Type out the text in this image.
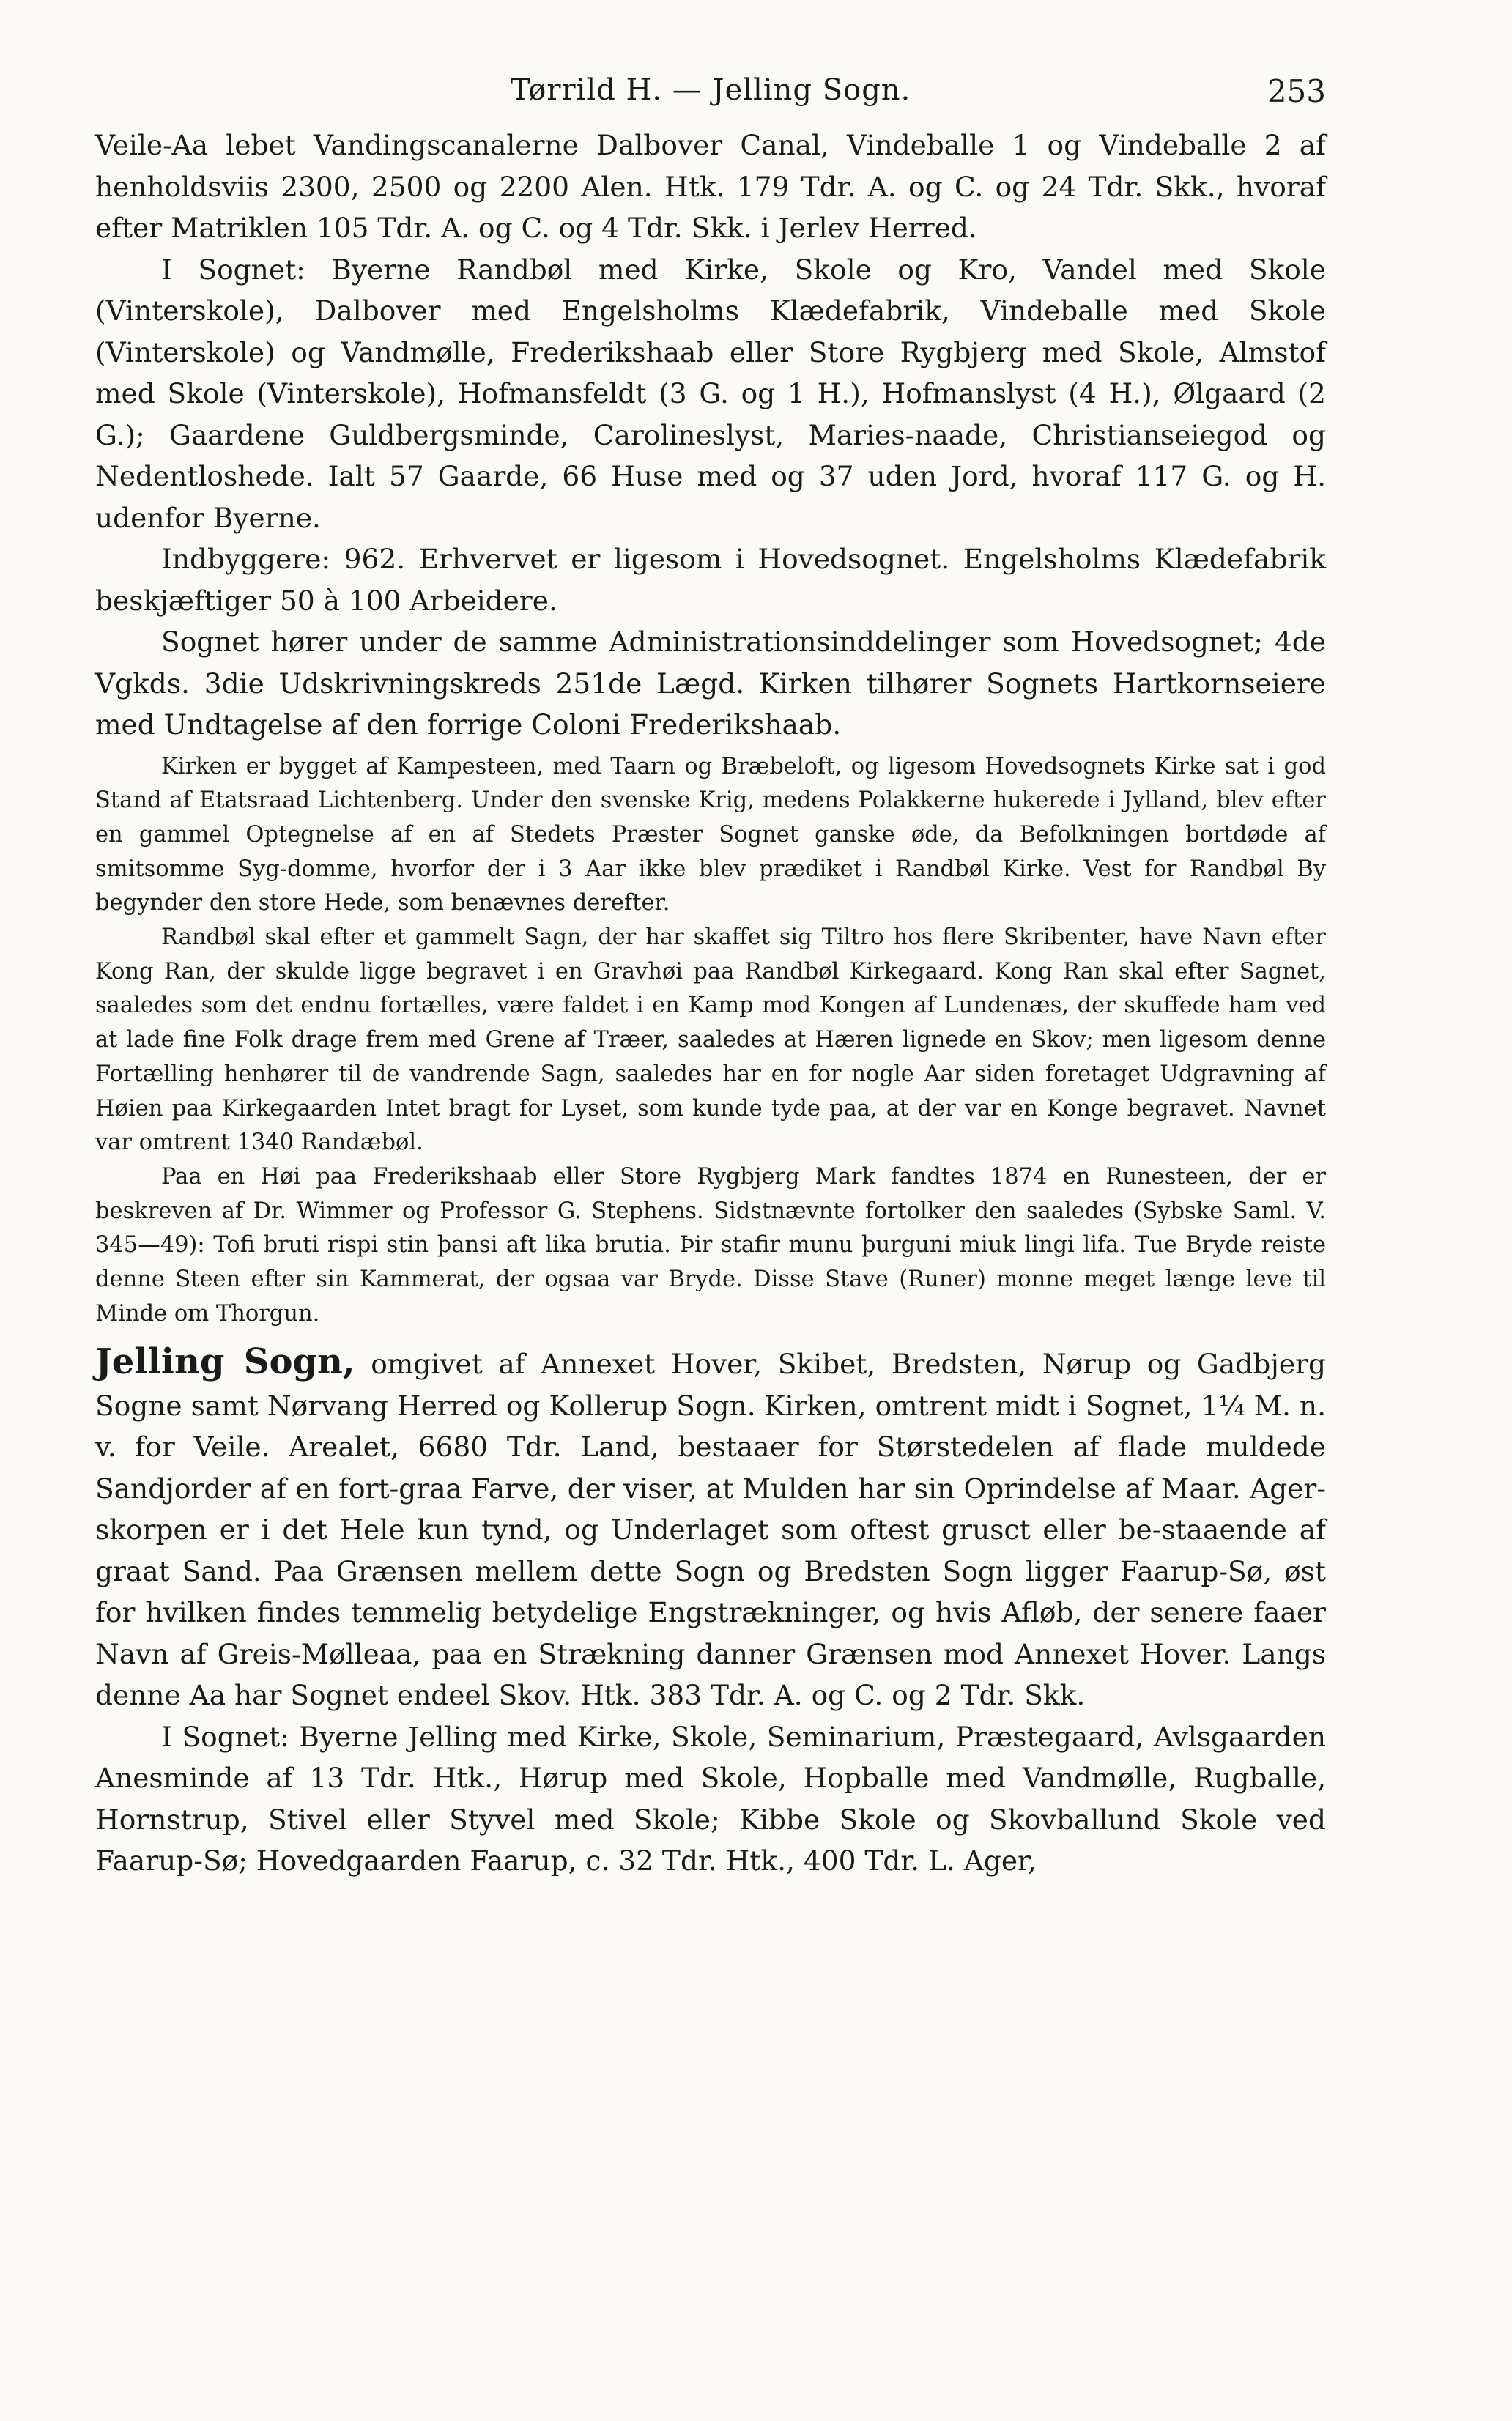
Tørrild H. — Jelling Sogn.	253

Veile-Aa lebet Vandingscanalerne Dalbover Canal, Vindeballe 1 og Vindeballe 2 af henholdsviis 2300, 2500 og 2200 Alen. Htk. 179 Tdr. A. og C. og 24 Tdr. Skk., hvoraf efter Matriklen 105 Tdr. A. og C. og 4 Tdr. Skk. i Jerlev Herred.

I Sognet: Byerne Randbøl med Kirke, Skole og Kro, Vandel med Skole (Vinterskole), Dalbover med Engelsholms Klædefabrik, Vindeballe med Skole (Vinterskole) og Vandmølle, Frederikshaab eller Store Rygbjerg med Skole, Almstof med Skole (Vinterskole), Hofmansfeldt (3 G. og 1 H.), Hofmanslyst (4 H.), Ølgaard (2 G.); Gaardene Guldbergsminde, Carolineslyst, Maries-naade, Christianseiegod og Nedentloshede. Ialt 57 Gaarde, 66 Huse med og 37 uden Jord, hvoraf 117 G. og H. udenfor Byerne.

Indbyggere: 962. Erhvervet er ligesom i Hovedsognet. Engelsholms Klædefabrik beskjæftiger 50 à 100 Arbeidere.

Sognet hører under de samme Administrationsinddelinger som Hovedsognet; 4de Vgkds. 3die Udskrivningskreds 251de Lægd. Kirken tilhører Sognets Hartkornseiere med Undtagelse af den forrige Coloni Frederikshaab.

Kirken er bygget af Kampesteen, med Taarn og Bræbeloft, og ligesom Hovedsognets Kirke sat i god Stand af Etatsraad Lichtenberg. Under den svenske Krig, medens Polakkerne hukerede i Jylland, blev efter en gammel Optegnelse af en af Stedets Præster Sognet ganske øde, da Befolkningen bortdøde af smitsomme Syg-domme, hvorfor der i 3 Aar ikke blev prædiket i Randbøl Kirke. Vest for Randbøl By begynder den store Hede, som benævnes derefter.

Randbøl skal efter et gammelt Sagn, der har skaffet sig Tiltro hos flere Skribenter, have Navn efter Kong Ran, der skulde ligge begravet i en Gravhøi paa Randbøl Kirkegaard. Kong Ran skal efter Sagnet, saaledes som det endnu fortælles, være faldet i en Kamp mod Kongen af Lundenæs, der skuffede ham ved at lade fine Folk drage frem med Grene af Træer, saaledes at Hæren lignede en Skov; men ligesom denne Fortælling henhører til de vandrende Sagn, saaledes har en for nogle Aar siden foretaget Udgravning af Høien paa Kirkegaarden Intet bragt for Lyset, som kunde tyde paa, at der var en Konge begravet. Navnet var omtrent 1340 Randæbøl.

Paa en Høi paa Frederikshaab eller Store Rygbjerg Mark fandtes 1874 en Runesteen, der er beskreven af Dr. Wimmer og Professor G. Stephens. Sidstnævnte fortolker den saaledes (Sybske Saml. V. 345—49): Tofi bruti rispi stin þansi aft lika brutia. Þir stafir munu þurguni miuk lingi lifa. Tue Bryde reiste denne Steen efter sin Kammerat, der ogsaa var Bryde. Disse Stave (Runer) monne meget længe leve til Minde om Thorgun.

Jelling Sogn, omgivet af Annexet Hover, Skibet, Bredsten, Nørup og Gadbjerg Sogne samt Nørvang Herred og Kollerup Sogn. Kirken, omtrent midt i Sognet, 1¼ M. n. v. for Veile. Arealet, 6680 Tdr. Land, bestaaer for Størstedelen af flade muldede Sandjorder af en fort-graa Farve, der viser, at Mulden har sin Oprindelse af Maar. Ager-skorpen er i det Hele kun tynd, og Underlaget som oftest grusct eller be-staaende af graat Sand. Paa Grænsen mellem dette Sogn og Bredsten Sogn ligger Faarup-Sø, øst for hvilken findes temmelig betydelige Engstrækninger, og hvis Afløb, der senere faaer Navn af Greis-Mølleaa, paa en Strækning danner Grænsen mod Annexet Hover. Langs denne Aa har Sognet endeel Skov. Htk. 383 Tdr. A. og C. og 2 Tdr. Skk.

I Sognet: Byerne Jelling med Kirke, Skole, Seminarium, Præstegaard, Avlsgaarden Anesminde af 13 Tdr. Htk., Hørup med Skole, Hopballe med Vandmølle, Rugballe, Hornstrup, Stivel eller Styvel med Skole; Kibbe Skole og Skovballund Skole ved Faarup-Sø; Hovedgaarden Faarup, c. 32 Tdr. Htk., 400 Tdr. L. Ager,
